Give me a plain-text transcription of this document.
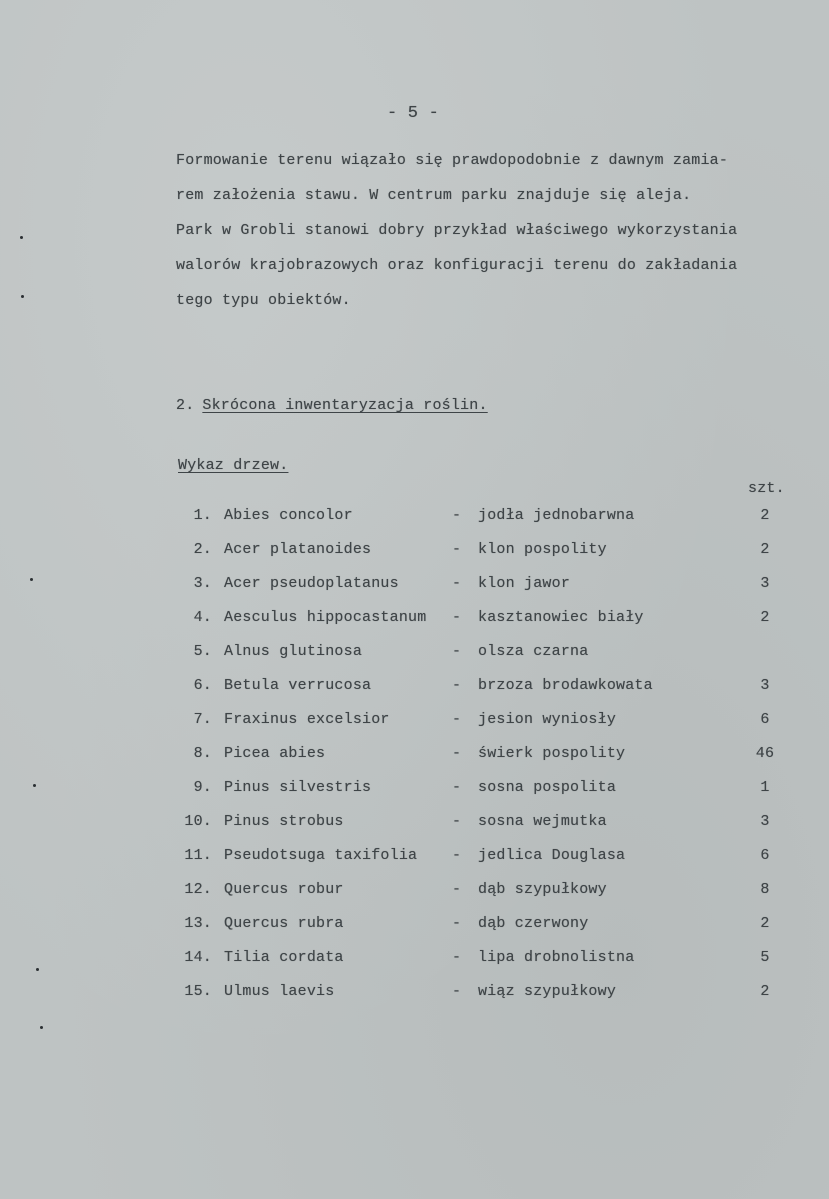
- 5 -
Formowanie terenu wiązało się prawdopodobnie z dawnym zamia-
rem założenia stawu. W centrum parku znajduje się aleja.
Park w Grobli stanowi dobry przykład właściwego wykorzystania
walorów krajobrazowych oraz konfiguracji terenu do zakładania
tego typu obiektów.
2. Skrócona inwentaryzacja roślin.
Wykaz drzew.
szt.
1. Abies concolor	- jodła jednobarwna	2
2. Acer platanoides	- klon pospolity	2
3. Acer pseudoplatanus	- klon jawor	3
4. Aesculus hippocastanum - kasztanowiec biały	2
5. Alnus glutinosa	- olsza czarna
6. Betula verrucosa	- brzoza brodawkowata	3
7. Fraxinus excelsior	- jesion wyniosły	6
8. Picea abies	- świerk pospolity	46
9. Pinus silvestris	- sosna pospolita	1
10. Pinus strobus	- sosna wejmutka	3
11. Pseudotsuga taxifolia - jedlica Douglasa	6
12. Quercus robur	- dąb szypułkowy	8
13. Quercus rubra	- dąb czerwony	2
14. Tilia cordata	- lipa drobnolistna	5
15. Ulmus laevis	- wiąz szypułkowy	2
